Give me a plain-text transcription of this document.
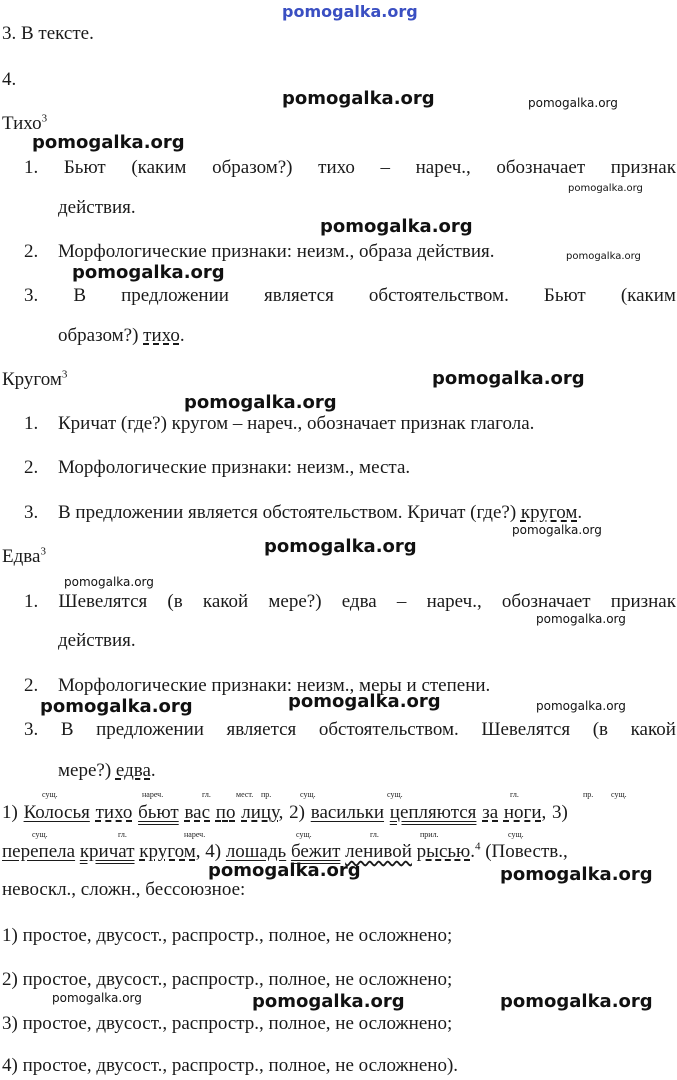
pomogalka.org
3. В тексте.
4.
Тихо$^3$
1. Бьют (каким образом?) тихо – нареч., обозначает признак
действия.
2. Морфологические признаки: неизм., образа действия.
3. В предложении является обстоятельством. Бьют (каким
образом?) тихо.
Кругом$^3$
1. Кричат (где?) кругом – нареч., обозначает признак глагола.
2. Морфологические признаки: неизм., места.
3. В предложении является обстоятельством. Кричат (где?) кругом.
Едва$^3$
1. Шевелятся (в какой мере?) едва – нареч., обозначает признак
действия.
2. Морфологические признаки: неизм., меры и степени.
3. В предложении является обстоятельством. Шевелятся (в какой
мере?) едва.
сущ.	нареч.	гл.	мест. пр.	сущ.	сущ.	гл.	пр. сущ.
1) Колосья тихо бьют вас по лицу, 2) васильки цепляются за ноги, 3)
сущ.	гл.	нареч.	сущ.	гл.	прил.	сущ.
перепела кричат кругом, 4) лошадь бежит ленивой рысью.$^4$ (Повеств.,
невоскл., сложн., бессоюзное:
1) простое, двусост., распростр., полное, не осложнено;
2) простое, двусост., распростр., полное, не осложнено;
3) простое, двусост., распростр., полное, не осложнено;
4) простое, двусост., распростр., полное, не осложнено).
pomogalka.org	pomogalka.org
pomogalka.org
pomogalka.org
pomogalka.org
pomogalka.org
pomogalka.org
pomogalka.org
pomogalka.org
pomogalka.org
pomogalka.org
pomogalka.org
pomogalka.org
pomogalka.org
pomogalka.org	pomogalka.org
pomogalka.org	pomogalka.org
pomogalka.org	pomogalka.org	pomogalka.org
